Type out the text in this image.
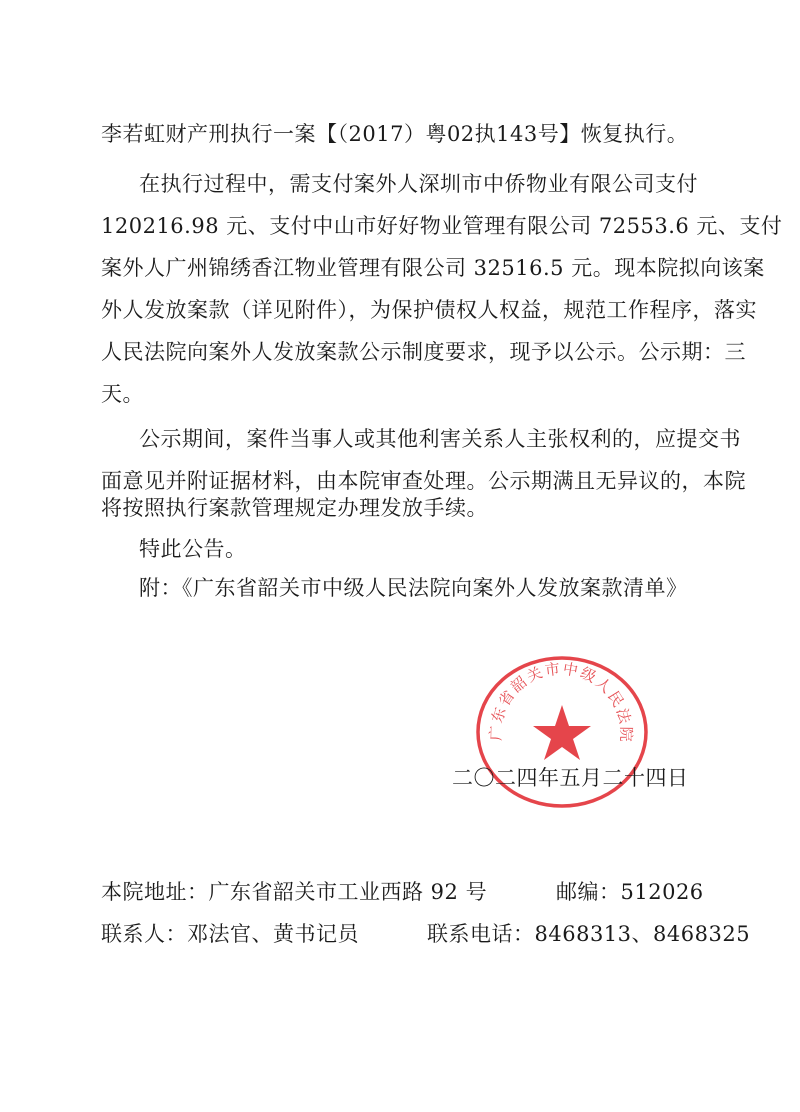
李若虹财产刑执行一案【（2017）粤02执143号】恢复执行。
在执行过程中，需支付案外人深圳市中侨物业有限公司支付
120216.98 元、支付中山市好好物业管理有限公司 72553.6 元、支付
案外人广州锦绣香江物业管理有限公司 32516.5 元。现本院拟向该案
外人发放案款（详见附件），为保护债权人权益，规范工作程序，落实
人民法院向案外人发放案款公示制度要求，现予以公示。公示期：三
天。
公示期间，案件当事人或其他利害关系人主张权利的，应提交书
面意见并附证据材料，由本院审查处理。公示期满且无异议的，本院
将按照执行案款管理规定办理发放手续。
特此公告。
附：《广东省韶关市中级人民法院向案外人发放案款清单》
广东省韶关市中级人民法院
二〇二四年五月二十四日
本院地址：广东省韶关市工业西路 92 号	邮编：512026
联系人：邓法官、黄书记员	联系电话：8468313、8468325
